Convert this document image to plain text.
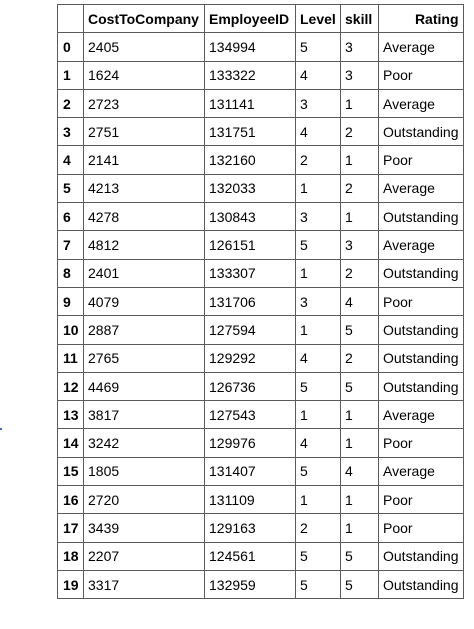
	CostToCompany	EmployeeID	Level	skill	Rating
0	2405	134994	5	3	Average
1	1624	133322	4	3	Poor
2	2723	131141	3	1	Average
3	2751	131751	4	2	Outstanding
4	2141	132160	2	1	Poor
5	4213	132033	1	2	Average
6	4278	130843	3	1	Outstanding
7	4812	126151	5	3	Average
8	2401	133307	1	2	Outstanding
9	4079	131706	3	4	Poor
10	2887	127594	1	5	Outstanding
11	2765	129292	4	2	Outstanding
12	4469	126736	5	5	Outstanding
13	3817	127543	1	1	Average
14	3242	129976	4	1	Poor
15	1805	131407	5	4	Average
16	2720	131109	1	1	Poor
17	3439	129163	2	1	Poor
18	2207	124561	5	5	Outstanding
19	3317	132959	5	5	Outstanding
